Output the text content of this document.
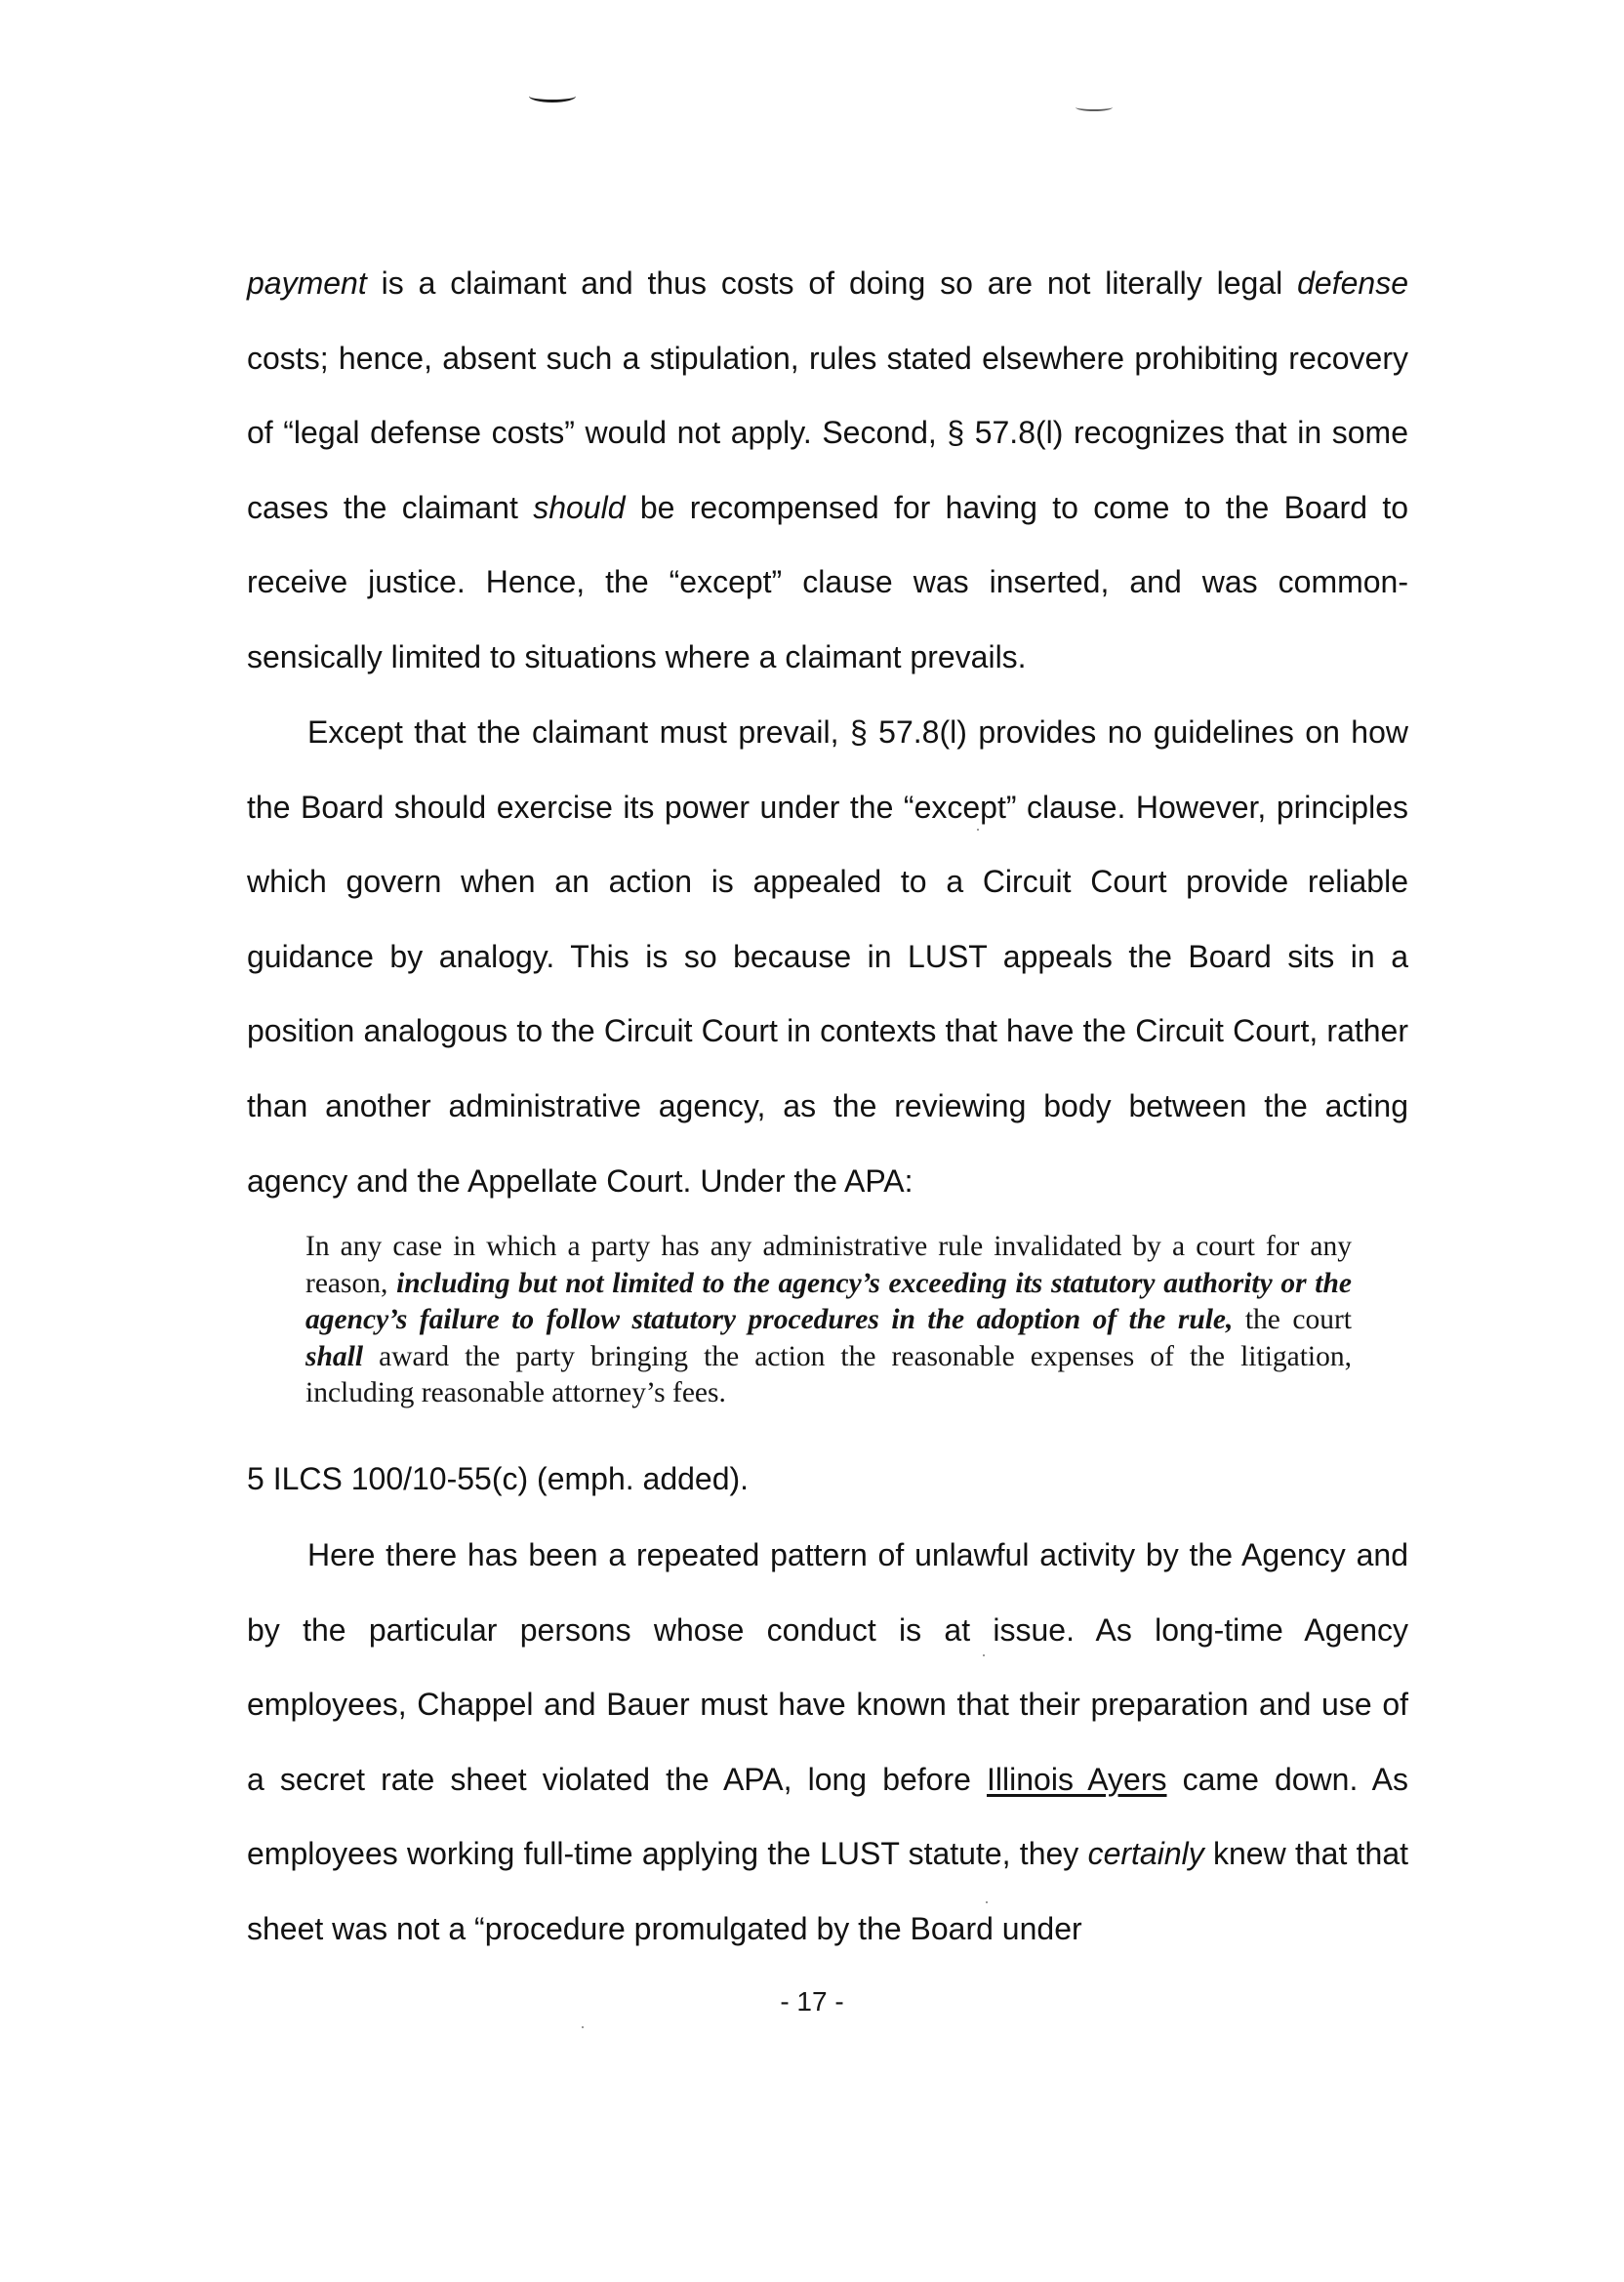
payment is a claimant and thus costs of doing so are not literally legal defense costs; hence, absent such a stipulation, rules stated elsewhere prohibiting recovery of “legal defense costs” would not apply. Second, § 57.8(l) recognizes that in some cases the claimant should be recompensed for having to come to the Board to receive justice. Hence, the “except” clause was inserted, and was common-sensically limited to situations where a claimant prevails.

Except that the claimant must prevail, § 57.8(l) provides no guidelines on how the Board should exercise its power under the “except” clause. However, principles which govern when an action is appealed to a Circuit Court provide reliable guidance by analogy. This is so because in LUST appeals the Board sits in a position analogous to the Circuit Court in contexts that have the Circuit Court, rather than another administrative agency, as the reviewing body between the acting agency and the Appellate Court. Under the APA:

In any case in which a party has any administrative rule invalidated by a court for any reason, including but not limited to the agency’s exceeding its statutory authority or the agency’s failure to follow statutory procedures in the adoption of the rule, the court shall award the party bringing the action the reasonable expenses of the litigation, including reasonable attorney’s fees.

5 ILCS 100/10-55(c) (emph. added).

Here there has been a repeated pattern of unlawful activity by the Agency and by the particular persons whose conduct is at issue. As long-time Agency employees, Chappel and Bauer must have known that their preparation and use of a secret rate sheet violated the APA, long before Illinois Ayers came down. As employees working full-time applying the LUST statute, they certainly knew that that sheet was not a “procedure promulgated by the Board under

- 17 -
